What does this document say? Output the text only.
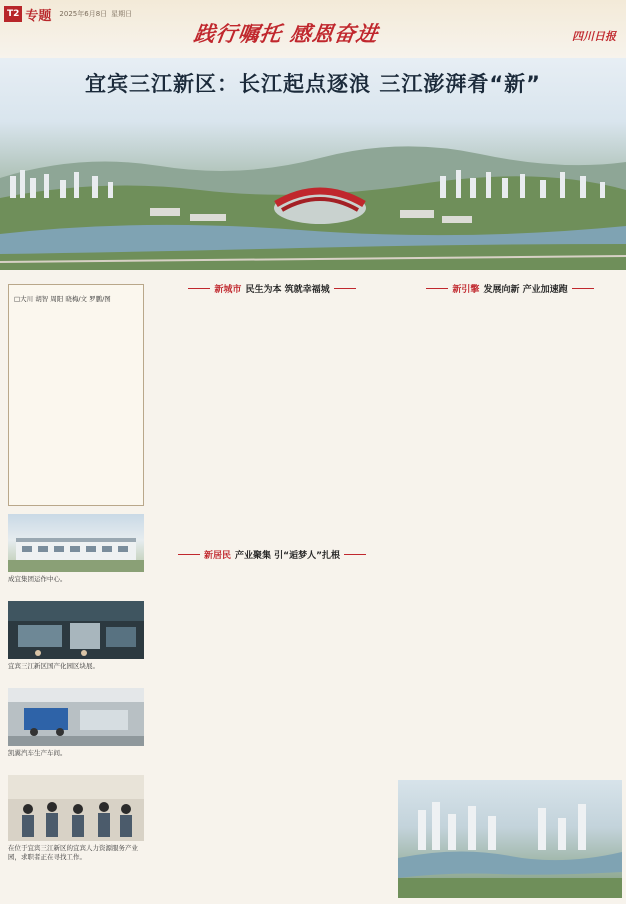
T2 专题 2025年6月8日 星期日
践行嘱托 感恩奋进	四川日报
宜宾三江新区：长江起点逐浪 三江澎湃肴“新”
□大川 胡智 周阳 晓梅/文 罗鹏/图
成宜集团运作中心。
宜宾三江新区国产化园区块展。
凯翼汽车生产车间。
在位于宜宾三江新区的宜宾人力资源服务产业园，求职者正在寻找工作。
新城市 民生为本 筑就幸福城
新居民 产业聚集 引“逅梦人”扎根
新引擎 发展向新 产业加速跑
